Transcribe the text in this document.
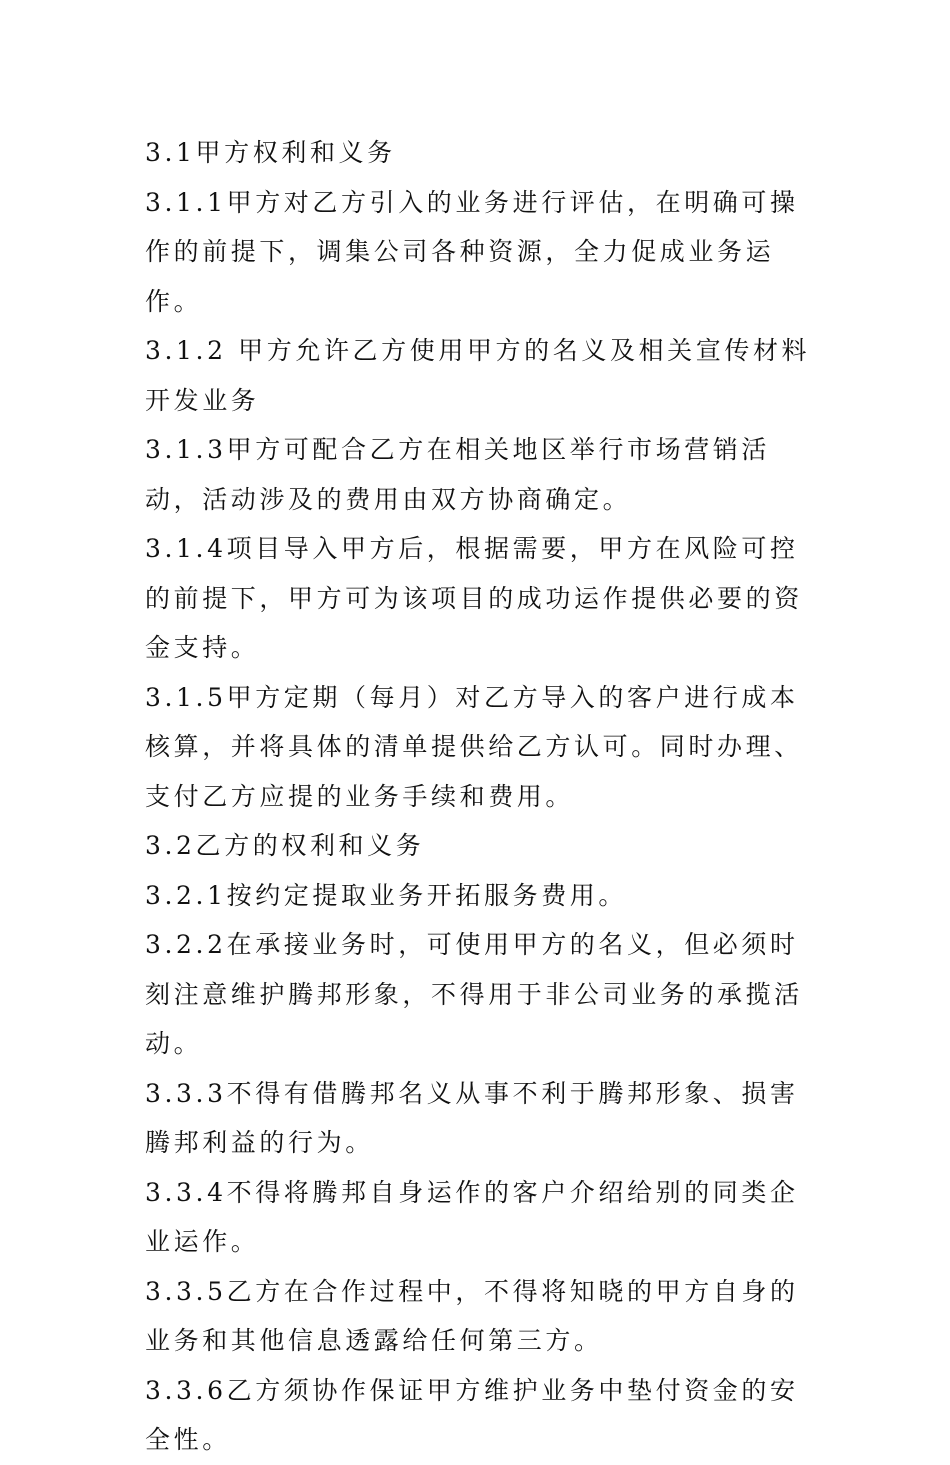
3.1甲方权利和义务

3.1.1甲方对乙方引入的业务进行评估，在明确可操作的前提下，调集公司各种资源，全力促成业务运作。

3.1.2 甲方允许乙方使用甲方的名义及相关宣传材料开发业务

3.1.3甲方可配合乙方在相关地区举行市场营销活动，活动涉及的费用由双方协商确定。

3.1.4项目导入甲方后，根据需要，甲方在风险可控的前提下，甲方可为该项目的成功运作提供必要的资金支持。

3.1.5甲方定期（每月）对乙方导入的客户进行成本核算，并将具体的清单提供给乙方认可。同时办理、支付乙方应提的业务手续和费用。

3.2乙方的权利和义务

3.2.1按约定提取业务开拓服务费用。

3.2.2在承接业务时，可使用甲方的名义，但必须时刻注意维护腾邦形象，不得用于非公司业务的承揽活动。

3.3.3不得有借腾邦名义从事不利于腾邦形象、损害腾邦利益的行为。

3.3.4不得将腾邦自身运作的客户介绍给别的同类企业运作。

3.3.5乙方在合作过程中，不得将知晓的甲方自身的业务和其他信息透露给任何第三方。

3.3.6乙方须协作保证甲方维护业务中垫付资金的安全性。
